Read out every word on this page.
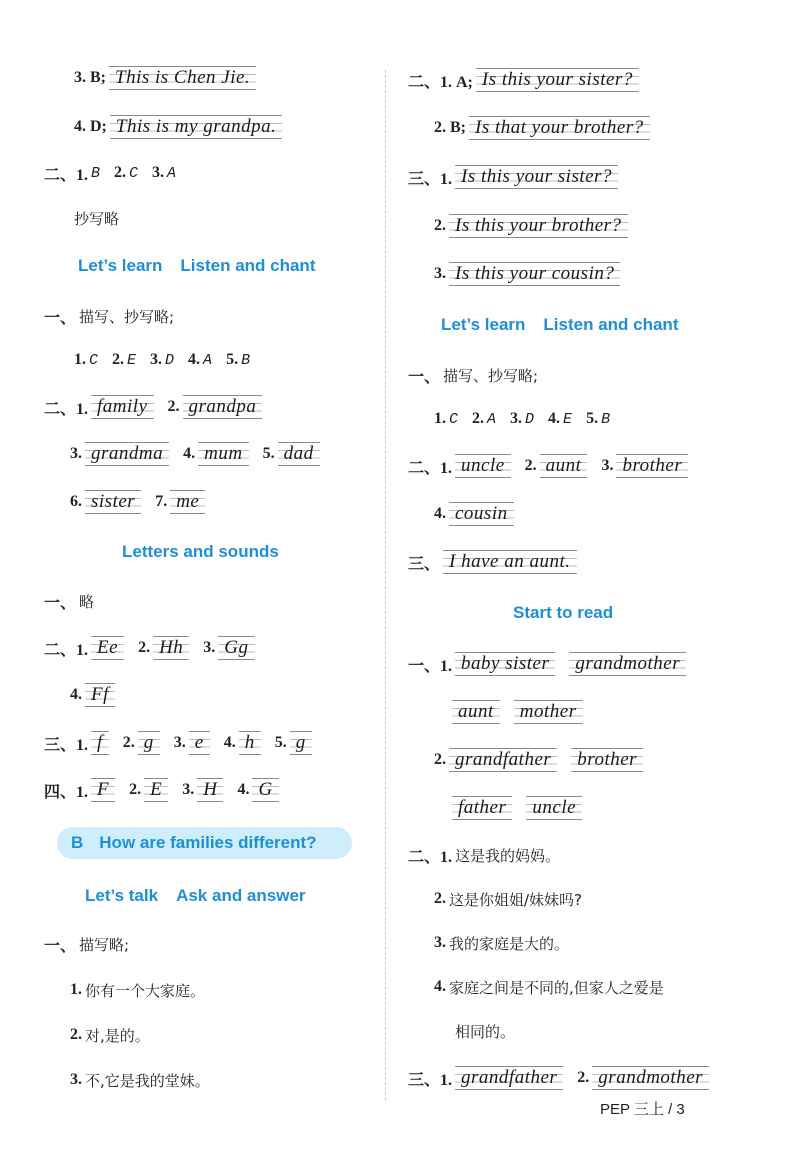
3. B; This is Chen Jie.
4. D; This is my grandpa.
二、1. B 2. C 3. A
抄写略
Let’s learn Listen and chant
一、 描写、抄写略;
1. C 2. E 3. D 4. A 5. B
二、1. family	2. grandpa
3. grandma	4. mum	5. dad
6. sister	7. me
Letters and sounds
一、 略
二、1. Ee	2. Hh	3. Gg
4. Ff
三、1. f	2. g	3. e	4. h	5. g
四、1. F	2. E	3. H	4. G
B How are families different?
Let’s talk Ask and answer
一、 描写略;
1. 你有一个大家庭。
2. 对,是的。
3. 不,它是我的堂妹。
二、1. A; Is this your sister?
2. B; Is that your brother?
三、1. Is this your sister?
2. Is this your brother?
3. Is this your cousin?
Let’s learn Listen and chant
一、 描写、抄写略;
1. C 2. A 3. D 4. E 5. B
二、1. uncle	2. aunt	3. brother
4. cousin
三、 I have an aunt.
Start to read
一、1. baby sister	grandmother
aunt	mother
2. grandfather	brother
father	uncle
二、1. 这是我的妈妈。
2. 这是你姐姐/妹妹吗?
3. 我的家庭是大的。
4. 家庭之间是不同的,但家人之爱是
相同的。
三、1. grandfather	2. grandmother
PEP 三上 / 3
